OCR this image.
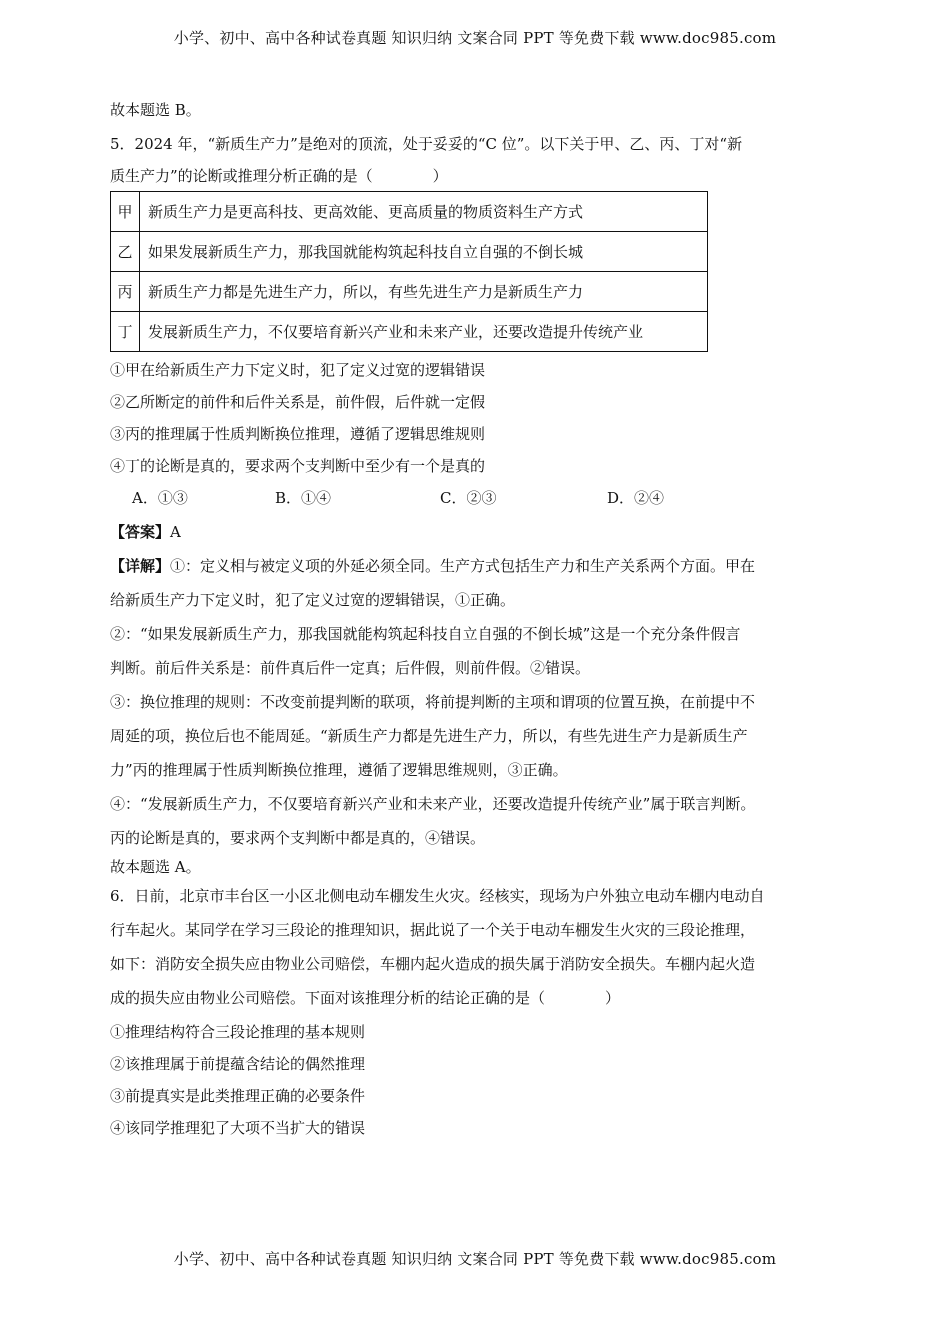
小学、初中、高中各种试卷真题 知识归纳 文案合同 PPT 等免费下载 www.doc985.com
故本题选 B。
5．2024 年，“新质生产力”是绝对的顶流，处于妥妥的“C 位”。以下关于甲、乙、丙、丁对“新
质生产力”的论断或推理分析正确的是（　　　　）
甲	新质生产力是更高科技、更高效能、更高质量的物质资料生产方式
乙	如果发展新质生产力，那我国就能构筑起科技自立自强的不倒长城
丙	新质生产力都是先进生产力，所以，有些先进生产力是新质生产力
丁	发展新质生产力，不仅要培育新兴产业和未来产业，还要改造提升传统产业
①甲在给新质生产力下定义时，犯了定义过宽的逻辑错误
②乙所断定的前件和后件关系是，前件假，后件就一定假
③丙的推理属于性质判断换位推理，遵循了逻辑思维规则
④丁的论断是真的，要求两个支判断中至少有一个是真的
A．①③	B．①④	C．②③	D．②④
【答案】A
【详解】①：定义相与被定义项的外延必须全同。生产方式包括生产力和生产关系两个方面。甲在
给新质生产力下定义时，犯了定义过宽的逻辑错误，①正确。
②：“如果发展新质生产力，那我国就能构筑起科技自立自强的不倒长城”这是一个充分条件假言
判断。前后件关系是：前件真后件一定真；后件假，则前件假。②错误。
③：换位推理的规则：不改变前提判断的联项，将前提判断的主项和谓项的位置互换，在前提中不
周延的项，换位后也不能周延。“新质生产力都是先进生产力，所以，有些先进生产力是新质生产
力”丙的推理属于性质判断换位推理，遵循了逻辑思维规则，③正确。
④：“发展新质生产力，不仅要培育新兴产业和未来产业，还要改造提升传统产业”属于联言判断。
丙的论断是真的，要求两个支判断中都是真的，④错误。
故本题选 A。
6．日前，北京市丰台区一小区北侧电动车棚发生火灾。经核实，现场为户外独立电动车棚内电动自
行车起火。某同学在学习三段论的推理知识，据此说了一个关于电动车棚发生火灾的三段论推理，
如下：消防安全损失应由物业公司赔偿，车棚内起火造成的损失属于消防安全损失。车棚内起火造
成的损失应由物业公司赔偿。下面对该推理分析的结论正确的是（　　　　）
①推理结构符合三段论推理的基本规则
②该推理属于前提蕴含结论的偶然推理
③前提真实是此类推理正确的必要条件
④该同学推理犯了大项不当扩大的错误
小学、初中、高中各种试卷真题 知识归纳 文案合同 PPT 等免费下载 www.doc985.com
